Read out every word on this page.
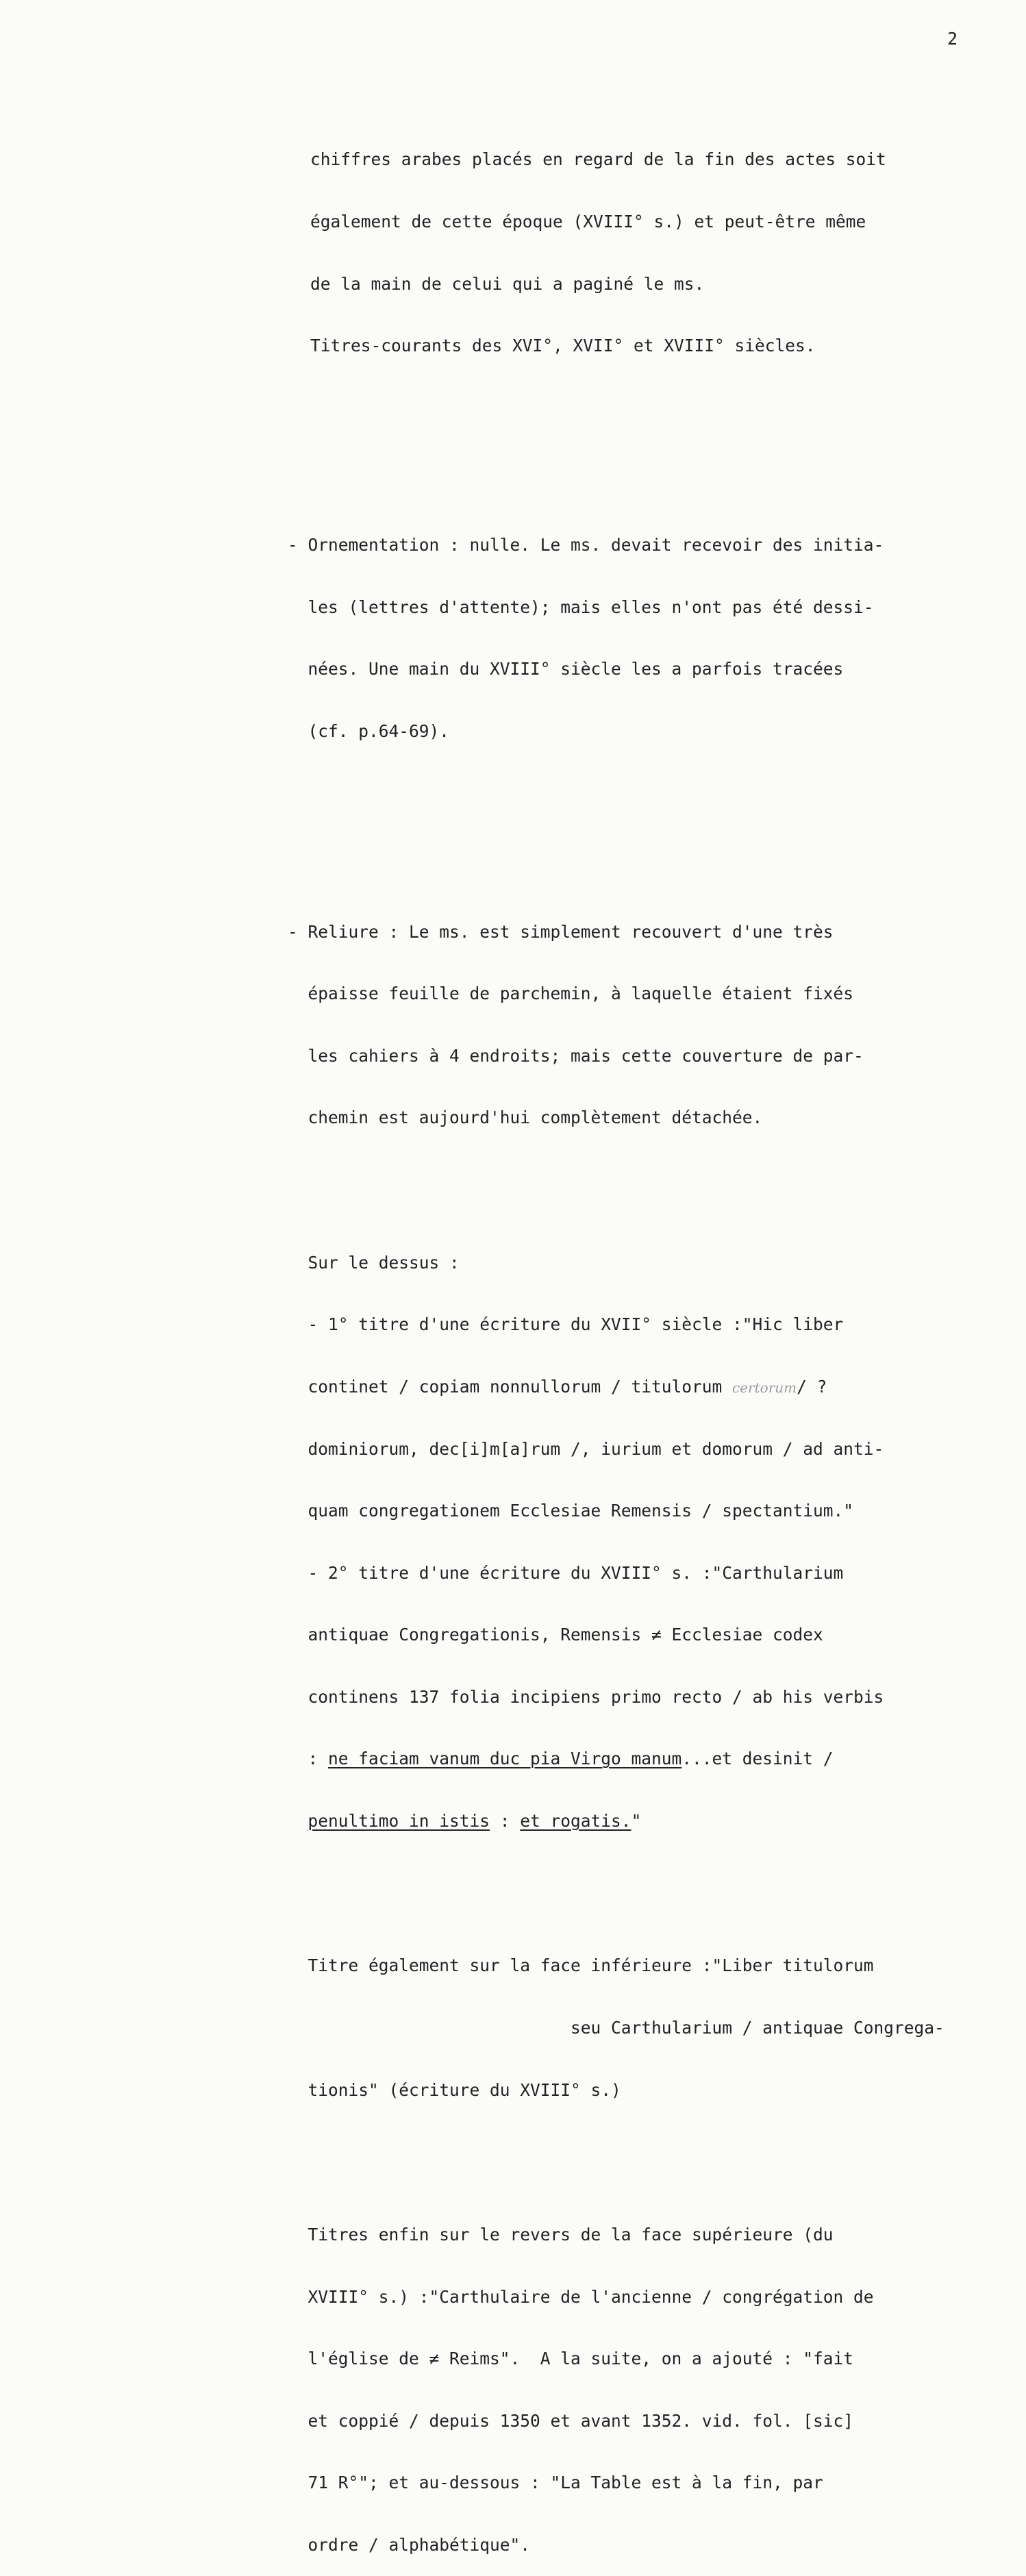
2

chiffres arabes placés en regard de la fin des actes soit

également de cette époque (XVIII° s.) et peut-être même

de la main de celui qui a paginé le ms.

Titres-courants des XVI°, XVII° et XVIII° siècles.

- Ornementation : nulle. Le ms. devait recevoir des initia-

les (lettres d'attente); mais elles n'ont pas été dessi-

nées. Une main du XVIII° siècle les a parfois tracées

(cf. p.64-69).

- Reliure : Le ms. est simplement recouvert d'une très

épaisse feuille de parchemin, à laquelle étaient fixés

les cahiers à 4 endroits; mais cette couverture de par-

chemin est aujourd'hui complètement détachée.

Sur le dessus :

- 1° titre d'une écriture du XVII° siècle :"Hic liber

continet / copiam nonnullorum / titulorum certorum/ ?

dominiorum, dec[i]m[a]rum /, iurium et domorum / ad anti-

quam congregationem Ecclesiae Remensis / spectantium."

- 2° titre d'une écriture du XVIII° s. :"Carthularium

antiquae Congregationis, Remensis ≠ Ecclesiae codex

continens 137 folia incipiens primo recto / ab his verbis

: ne faciam vanum duc pia Virgo manum...et desinit /

penultimo in istis : et rogatis."

Titre également sur la face inférieure :"Liber titulorum

seu Carthularium / antiquae Congrega-

tionis" (écriture du XVIII° s.)

Titres enfin sur le revers de la face supérieure (du

XVIII° s.) :"Carthulaire de l'ancienne / congrégation de

l'église de ≠ Reims".  A la suite, on a ajouté : "fait

et coppié / depuis 1350 et avant 1352. vid. fol. [sic]

71 R°"; et au-dessous : "La Table est à la fin, par

ordre / alphabétique".
